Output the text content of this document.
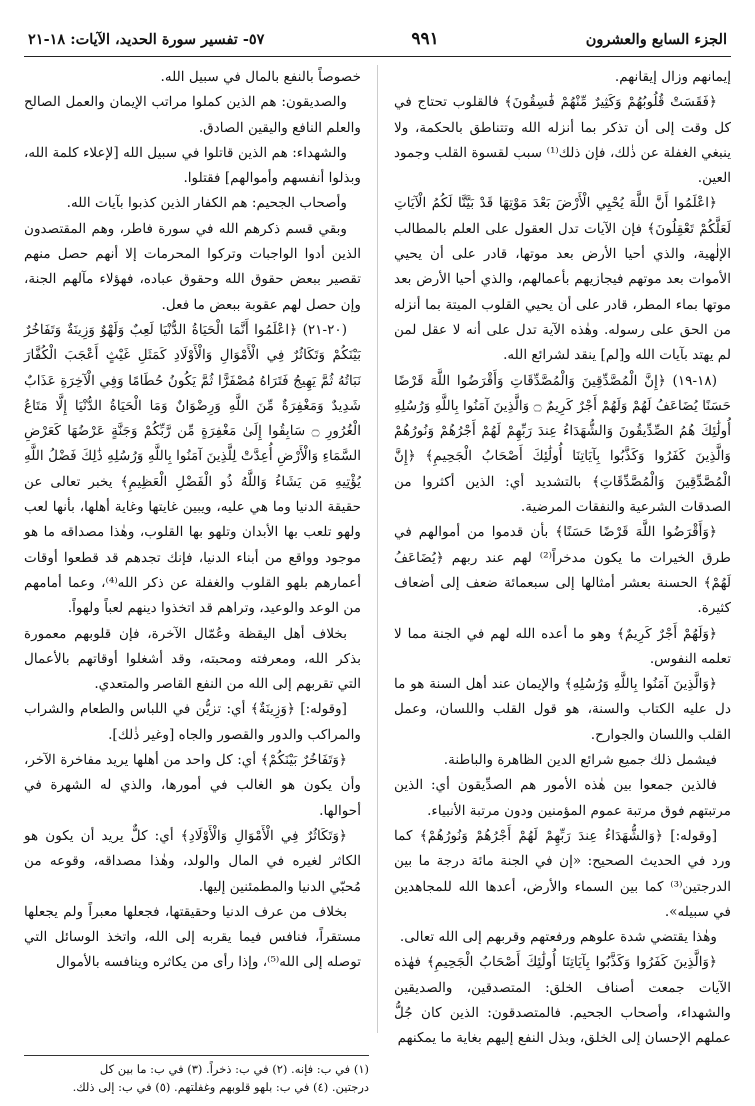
الجزء السابع والعشرون
٩٩١
٥٧- تفسير سورة الحديد، الآيات: ١٨-٢١

إيمانهم وزال إيقانهم.

﴿فَقَسَتْ قُلُوبُهُمْ وَكَثِيرٌ مِّنْهُمْ فَٰسِقُونَ﴾ فالقلوب تحتاج في كل وقت إلى أن تذكر بما أنزله الله وتتناطق بالحكمة، ولا ينبغي الغفلة عن ذٰلك، فإن ذلك⁽¹⁾ سبب لقسوة القلب وجمود العين.

﴿اعْلَمُوا أَنَّ اللَّهَ يُحْيِي الْأَرْضَ بَعْدَ مَوْتِهَا قَدْ بَيَّنَّا لَكُمُ الْآيَاتِ لَعَلَّكُمْ تَعْقِلُونَ﴾ فإن الآيات تدل العقول على العلم بالمطالب الإلٰهية، والذي أحيا الأرض بعد موتها، قادر على أن يحيي الأموات بعد موتهم فيجازيهم بأعمالهم، والذي أحيا الأرض بعد موتها بماء المطر، قادر على أن يحيي القلوب الميتة بما أنزله من الحق على رسوله. وهٰذه الآية تدل على أنه لا عقل لمن لم يهتد بآيات الله و[لم] ينقد لشرائع الله.

(١٨-١٩) ﴿إِنَّ الْمُصَّدِّقِينَ وَالْمُصَّدِّقَاتِ وَأَقْرَضُوا اللَّهَ قَرْضًا حَسَنًا يُضَاعَفُ لَهُمْ وَلَهُمْ أَجْرٌ كَرِيمٌ ۝ وَالَّذِينَ آمَنُوا بِاللَّهِ وَرُسُلِهِ أُولَٰئِكَ هُمُ الصِّدِّيقُونَ وَالشُّهَدَاءُ عِندَ رَبِّهِمْ لَهُمْ أَجْرُهُمْ وَنُورُهُمْ وَالَّذِينَ كَفَرُوا وَكَذَّبُوا بِآيَاتِنَا أُولَٰئِكَ أَصْحَابُ الْجَحِيمِ﴾ ﴿إِنَّ الْمُصَّدِّقِينَ وَالْمُصَّدِّقَاتِ﴾ بالتشديد أي: الذين أكثروا من الصدقات الشرعية والنفقات المرضية.

﴿وَأَقْرَضُوا اللَّهَ قَرْضًا حَسَنًا﴾ بأن قدموا من أموالهم في طرق الخيرات ما يكون مدخراً⁽²⁾ لهم عند ربهم ﴿يُضَاعَفُ لَهُمْ﴾ الحسنة بعشر أمثالها إلى سبعمائة ضعف إلى أضعاف كثيرة.

﴿وَلَهُمْ أَجْرٌ كَرِيمٌ﴾ وهو ما أعده الله لهم في الجنة مما لا تعلمه النفوس.

﴿وَالَّذِينَ آمَنُوا بِاللَّهِ وَرُسُلِهِ﴾ والإيمان عند أهل السنة هو ما دل عليه الكتاب والسنة، هو قول القلب واللسان، وعمل القلب واللسان والجوارح.

فيشمل ذلك جميع شرائع الدين الظاهرة والباطنة.

فالذين جمعوا بين هٰذه الأمور هم الصدِّيقون أي: الذين مرتبتهم فوق مرتبة عموم المؤمنين ودون مرتبة الأنبياء.

[وقوله:] ﴿وَالشُّهَدَاءُ عِندَ رَبِّهِمْ لَهُمْ أَجْرُهُمْ وَنُورُهُمْ﴾ كما ورد في الحديث الصحيح: «إن في الجنة مائة درجة ما بين الدرجتين⁽³⁾ كما بين السماء والأرض، أعدها الله للمجاهدين في سبيله».

وهٰذا يقتضي شدة علوهم ورفعتهم وقربهم إلى الله تعالى.

﴿وَالَّذِينَ كَفَرُوا وَكَذَّبُوا بِآيَاتِنَا أُولَٰئِكَ أَصْحَابُ الْجَحِيمِ﴾ فهٰذه الآيات جمعت أصناف الخلق: المتصدقين، والصديقين والشهداء، وأصحاب الجحيم. فالمتصدقون: الذين كان جُلُّ عملهم الإحسان إلى الخلق، وبذل النفع إليهم بغاية ما يمكنهم

خصوصاً بالنفع بالمال في سبيل الله.

والصديقون: هم الذين كملوا مراتب الإيمان والعمل الصالح والعلم النافع واليقين الصادق.

والشهداء: هم الذين قاتلوا في سبيل الله [لإعلاء كلمة الله، وبذلوا أنفسهم وأموالهم] فقتلوا.

وأصحاب الجحيم: هم الكفار الذين كذبوا بآيات الله.

وبقي قسم ذكرهم الله في سورة فاطر، وهم المقتصدون الذين أدوا الواجبات وتركوا المحرمات إلا أنهم حصل منهم تقصير ببعض حقوق الله وحقوق عباده، فهؤلاء مآلهم الجنة، وإن حصل لهم عقوبة ببعض ما فعل.

(٢٠-٢١) ﴿اعْلَمُوا أَنَّمَا الْحَيَاةُ الدُّنْيَا لَعِبٌ وَلَهْوٌ وَزِينَةٌ وَتَفَاخُرٌ بَيْنَكُمْ وَتَكَاثُرٌ فِي الْأَمْوَالِ وَالْأَوْلَادِ كَمَثَلِ غَيْثٍ أَعْجَبَ الْكُفَّارَ نَبَاتُهُ ثُمَّ يَهِيجُ فَتَرَاهُ مُصْفَرًّا ثُمَّ يَكُونُ حُطَامًا وَفِي الْآخِرَةِ عَذَابٌ شَدِيدٌ وَمَغْفِرَةٌ مِّنَ اللَّهِ وَرِضْوَانٌ وَمَا الْحَيَاةُ الدُّنْيَا إِلَّا مَتَاعُ الْغُرُورِ ۝ سَابِقُوا إِلَىٰ مَغْفِرَةٍ مِّن رَّبِّكُمْ وَجَنَّةٍ عَرْضُهَا كَعَرْضِ السَّمَاءِ وَالْأَرْضِ أُعِدَّتْ لِلَّذِينَ آمَنُوا بِاللَّهِ وَرُسُلِهِ ذَٰلِكَ فَضْلُ اللَّهِ يُؤْتِيهِ مَن يَشَاءُ وَاللَّهُ ذُو الْفَضْلِ الْعَظِيمِ﴾ يخبر تعالى عن حقيقة الدنيا وما هي عليه، ويبين غايتها وغاية أهلها، بأنها لعب ولهو تلعب بها الأبدان وتلهو بها القلوب، وهٰذا مصداقه ما هو موجود وواقع من أبناء الدنيا، فإنك تجدهم قد قطعوا أوقات أعمارهم بلهو القلوب والغفلة عن ذكر الله⁽⁴⁾، وعما أمامهم من الوعد والوعيد، وتراهم قد اتخذوا دينهم لعباً ولهواً.

بخلاف أهل اليقظة وعُمّال الآخرة، فإن قلوبهم معمورة بذكر الله، ومعرفته ومحبته، وقد أشغلوا أوقاتهم بالأعمال التي تقربهم إلى الله من النفع القاصر والمتعدي.

[وقوله:] ﴿وَزِينَةٌ﴾ أي: تزيُّن في اللباس والطعام والشراب والمراكب والدور والقصور والجاه [وغير ذٰلك].

﴿وَتَفَاخُرٌ بَيْنَكُمْ﴾ أي: كل واحد من أهلها يريد مفاخرة الآخر، وأن يكون هو الغالب في أمورها، والذي له الشهرة في أحوالها.

﴿وَتَكَاثُرٌ فِي الْأَمْوَالِ وَالْأَوْلَادِ﴾ أي: كلٌّ يريد أن يكون هو الكاثر لغيره في المال والولد، وهٰذا مصداقه، وقوعه من مُحبّي الدنيا والمطمئنين إليها.

بخلاف من عرف الدنيا وحقيقتها، فجعلها معبراً ولم يجعلها مستقراً، فنافس فيما يقربه إلى الله، واتخذ الوسائل التي توصله إلى الله⁽⁵⁾، وإذا رأى من يكاثره وينافسه بالأموال

(١) في ب: فإنه. (٢) في ب: ذخراً. (٣) في ب: ما بين كل
درجتين. (٤) في ب: بلهو قلوبهم وغفلتهم. (٥) في ب: إلى ذلك.
